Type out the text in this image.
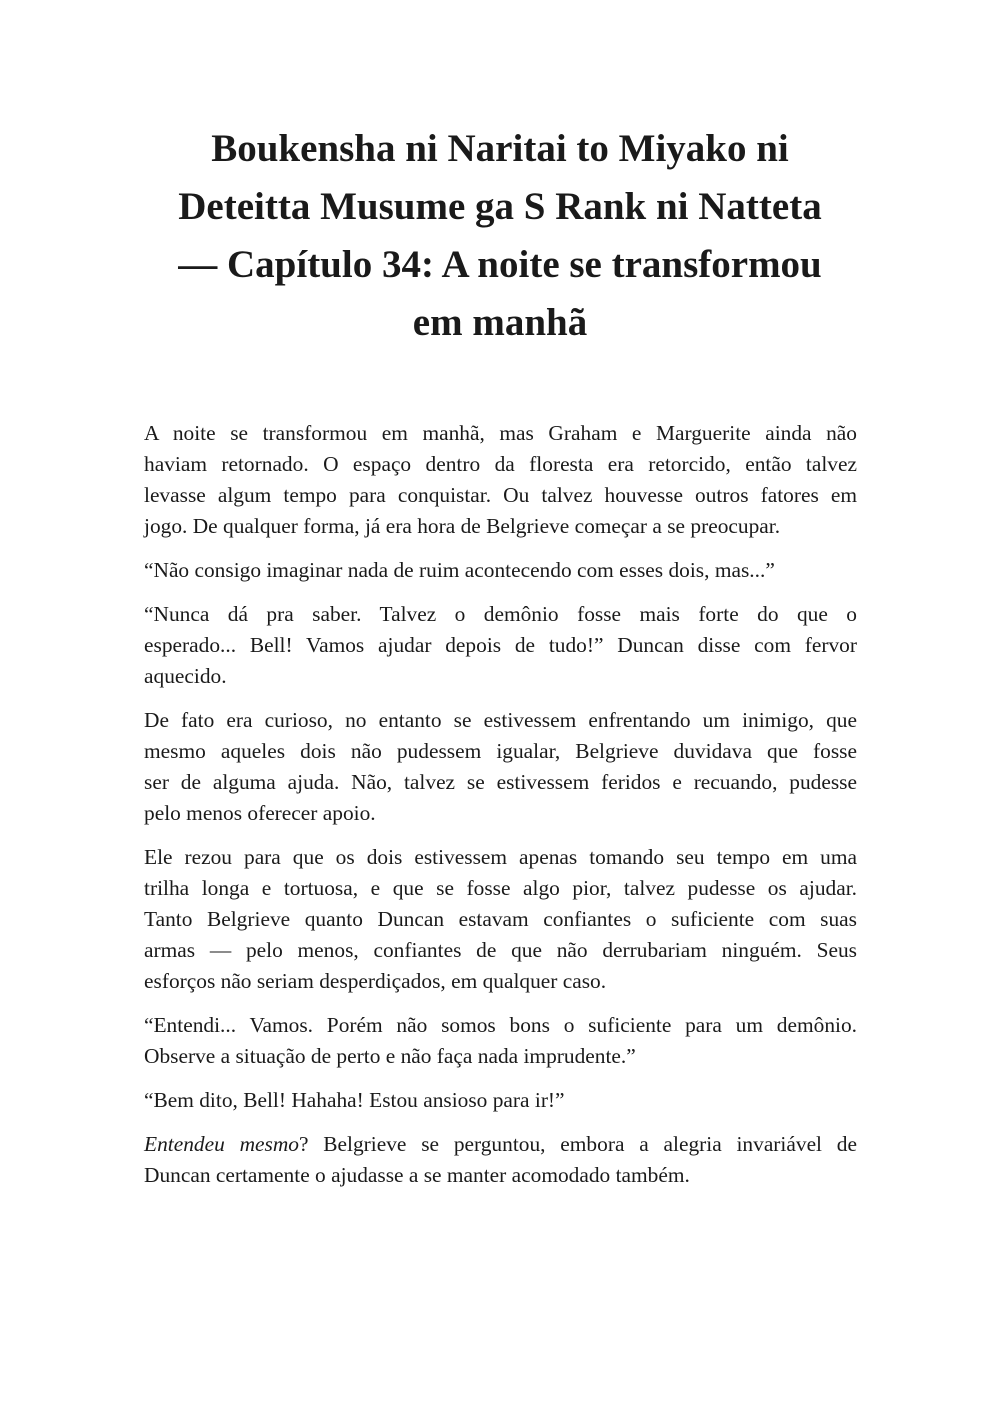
Boukensha ni Naritai to Miyako ni
Deteitta Musume ga S Rank ni Natteta
— Capítulo 34: A noite se transformou
em manhã

A noite se transformou em manhã, mas Graham e Marguerite ainda não
haviam retornado. O espaço dentro da floresta era retorcido, então talvez
levasse algum tempo para conquistar. Ou talvez houvesse outros fatores em
jogo. De qualquer forma, já era hora de Belgrieve começar a se preocupar.

“Não consigo imaginar nada de ruim acontecendo com esses dois, mas...”

“Nunca dá pra saber. Talvez o demônio fosse mais forte do que o
esperado... Bell! Vamos ajudar depois de tudo!” Duncan disse com fervor
aquecido.

De fato era curioso, no entanto se estivessem enfrentando um inimigo, que
mesmo aqueles dois não pudessem igualar, Belgrieve duvidava que fosse
ser de alguma ajuda. Não, talvez se estivessem feridos e recuando, pudesse
pelo menos oferecer apoio.

Ele rezou para que os dois estivessem apenas tomando seu tempo em uma
trilha longa e tortuosa, e que se fosse algo pior, talvez pudesse os ajudar.
Tanto Belgrieve quanto Duncan estavam confiantes o suficiente com suas
armas — pelo menos, confiantes de que não derrubariam ninguém. Seus
esforços não seriam desperdiçados, em qualquer caso.

“Entendi... Vamos. Porém não somos bons o suficiente para um demônio.
Observe a situação de perto e não faça nada imprudente.”

“Bem dito, Bell! Hahaha! Estou ansioso para ir!”

Entendeu mesmo? Belgrieve se perguntou, embora a alegria invariável de
Duncan certamente o ajudasse a se manter acomodado também.
